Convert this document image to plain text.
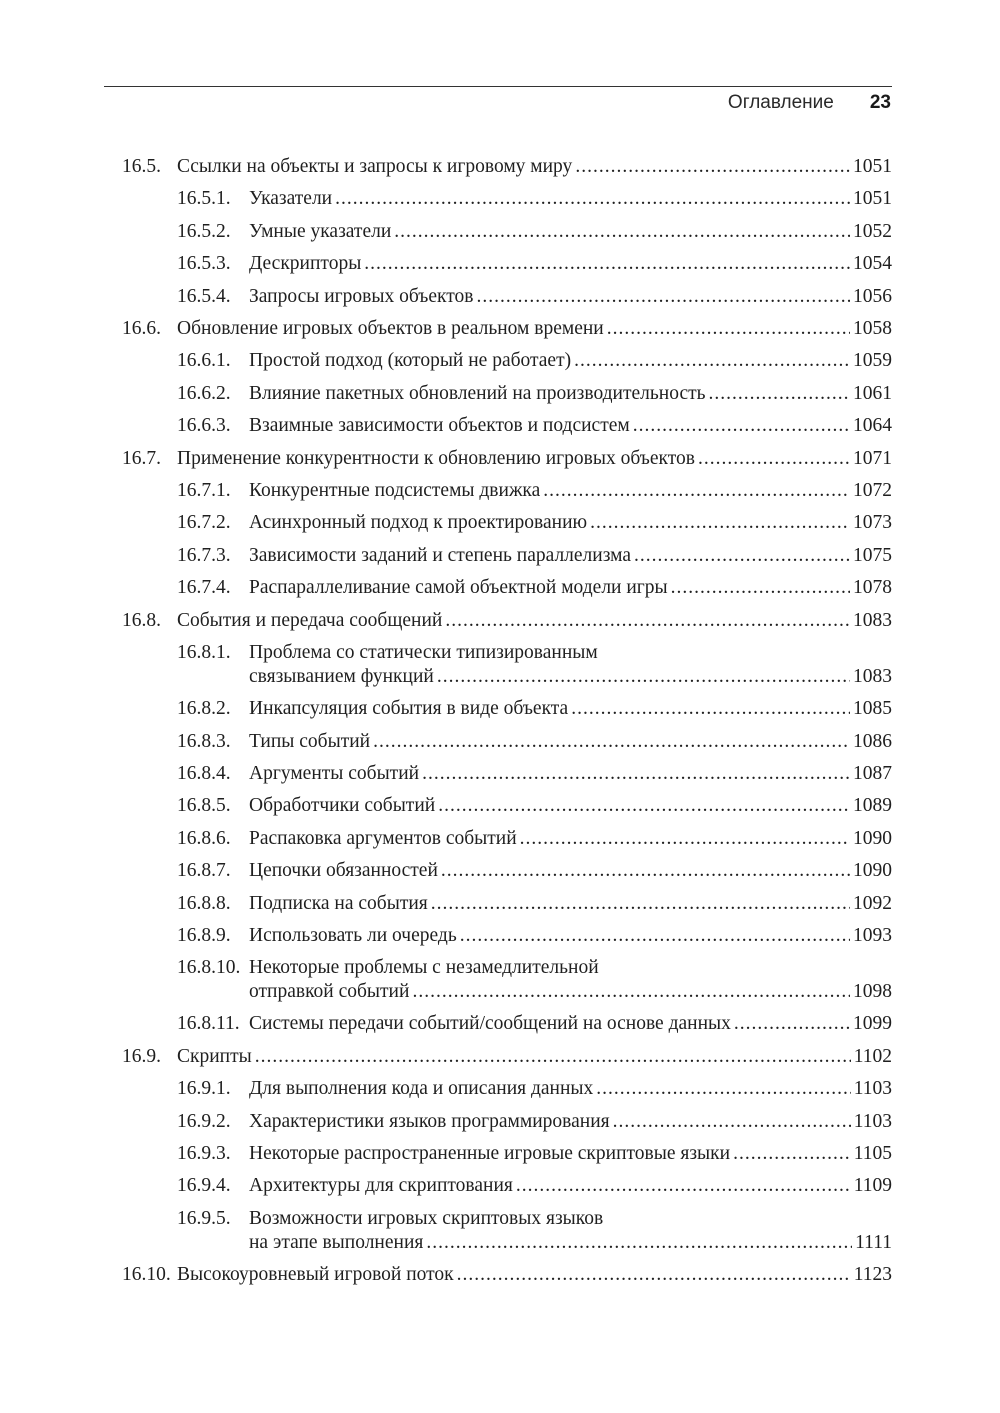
Оглавление 23
16.5. Ссылки на объекты и запросы к игровому миру .....	1051
16.5.1. Указатели .....	1051
16.5.2. Умные указатели .....	1052
16.5.3. Дескрипторы .....	1054
16.5.4. Запросы игровых объектов .....	1056
16.6. Обновление игровых объектов в реальном времени .....	1058
16.6.1. Простой подход (который не работает) .....	1059
16.6.2. Влияние пакетных обновлений на производительность .....	1061
16.6.3. Взаимные зависимости объектов и подсистем .....	1064
16.7. Применение конкурентности к обновлению игровых объектов .....	1071
16.7.1. Конкурентные подсистемы движка .....	1072
16.7.2. Асинхронный подход к проектированию .....	1073
16.7.3. Зависимости заданий и степень параллелизма .....	1075
16.7.4. Распараллеливание самой объектной модели игры .....	1078
16.8. События и передача сообщений .....	1083
16.8.1. Проблема со статически типизированным
связыванием функций .....	1083
16.8.2. Инкапсуляция события в виде объекта .....	1085
16.8.3. Типы событий .....	1086
16.8.4. Аргументы событий .....	1087
16.8.5. Обработчики событий .....	1089
16.8.6. Распаковка аргументов событий .....	1090
16.8.7. Цепочки обязанностей .....	1090
16.8.8. Подписка на события .....	1092
16.8.9. Использовать ли очередь .....	1093
16.8.10. Некоторые проблемы с незамедлительной
отправкой событий .....	1098
16.8.11. Системы передачи событий/сообщений на основе данных .....	1099
16.9. Скрипты .....	1102
16.9.1. Для выполнения кода и описания данных .....	1103
16.9.2. Характеристики языков программирования .....	1103
16.9.3. Некоторые распространенные игровые скриптовые языки .....	1105
16.9.4. Архитектуры для скриптования .....	1109
16.9.5. Возможности игровых скриптовых языков
на этапе выполнения .....	1111
16.10. Высокоуровневый игровой поток .....	1123
